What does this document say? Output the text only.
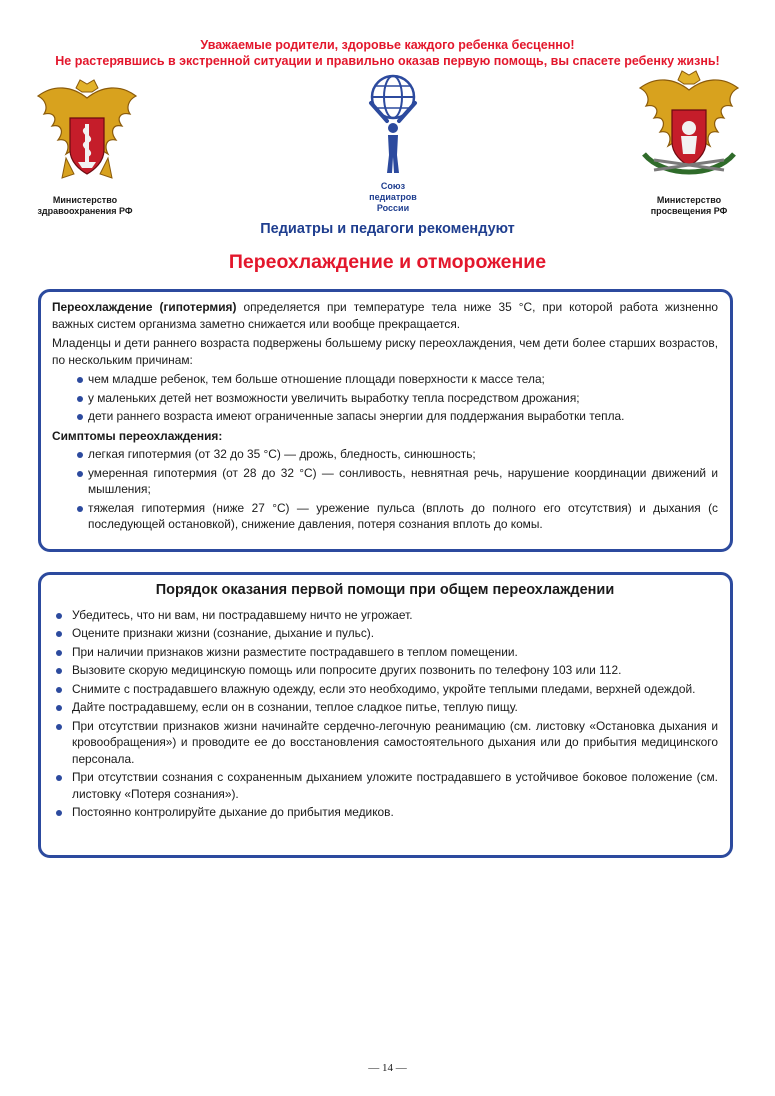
Уважаемые родители, здоровье каждого ребенка бесценно!
Не растерявшись в экстренной ситуации и правильно оказав первую помощь, вы спасете ребенку жизнь!
Министерство
здравоохранения РФ
Союз
педиатров
России
Министерство
просвещения РФ
Педиатры и педагоги рекомендуют
Переохлаждение и отморожение

Переохлаждение (гипотермия) определяется при температуре тела ниже 35 °C, при которой работа жизненно важных систем организма заметно снижается или вообще прекращается.

Младенцы и дети раннего возраста подвержены большему риску переохлаждения, чем дети более старших возрастов, по нескольким причинам:

чем младше ребенок, тем больше отношение площади поверхности к массе тела;
у маленьких детей нет возможности увеличить выработку тепла посредством дрожания;
дети раннего возраста имеют ограниченные запасы энергии для поддержания выработки тепла.
Симптомы переохлаждения:
легкая гипотермия (от 32 до 35 °C) — дрожь, бледность, синюшность;
умеренная гипотермия (от 28 до 32 °C) — сонливость, невнятная речь, нарушение координации движений и мышления;
тяжелая гипотермия (ниже 27 °C) — урежение пульса (вплоть до полного его отсутствия) и дыхания (с последующей остановкой), снижение давления, потеря сознания вплоть до комы.
Порядок оказания первой помощи при общем переохлаждении
Убедитесь, что ни вам, ни пострадавшему ничто не угрожает.
Оцените признаки жизни (сознание, дыхание и пульс).
При наличии признаков жизни разместите пострадавшего в теплом помещении.
Вызовите скорую медицинскую помощь или попросите других позвонить по телефону 103 или 112.
Снимите с пострадавшего влажную одежду, если это необходимо, укройте теплыми пледами, верхней одеждой.
Дайте пострадавшему, если он в сознании, теплое сладкое питье, теплую пищу.
При отсутствии признаков жизни начинайте сердечно-легочную реанимацию (см. листовку «Остановка дыхания и кровообращения») и проводите ее до восстановления самостоятельного дыхания или до прибытия медицинского персонала.
При отсутствии сознания с сохраненным дыханием уложите пострадавшего в устойчивое боковое положение (см. листовку «Потеря сознания»).
Постоянно контролируйте дыхание до прибытия медиков.
— 14 —
